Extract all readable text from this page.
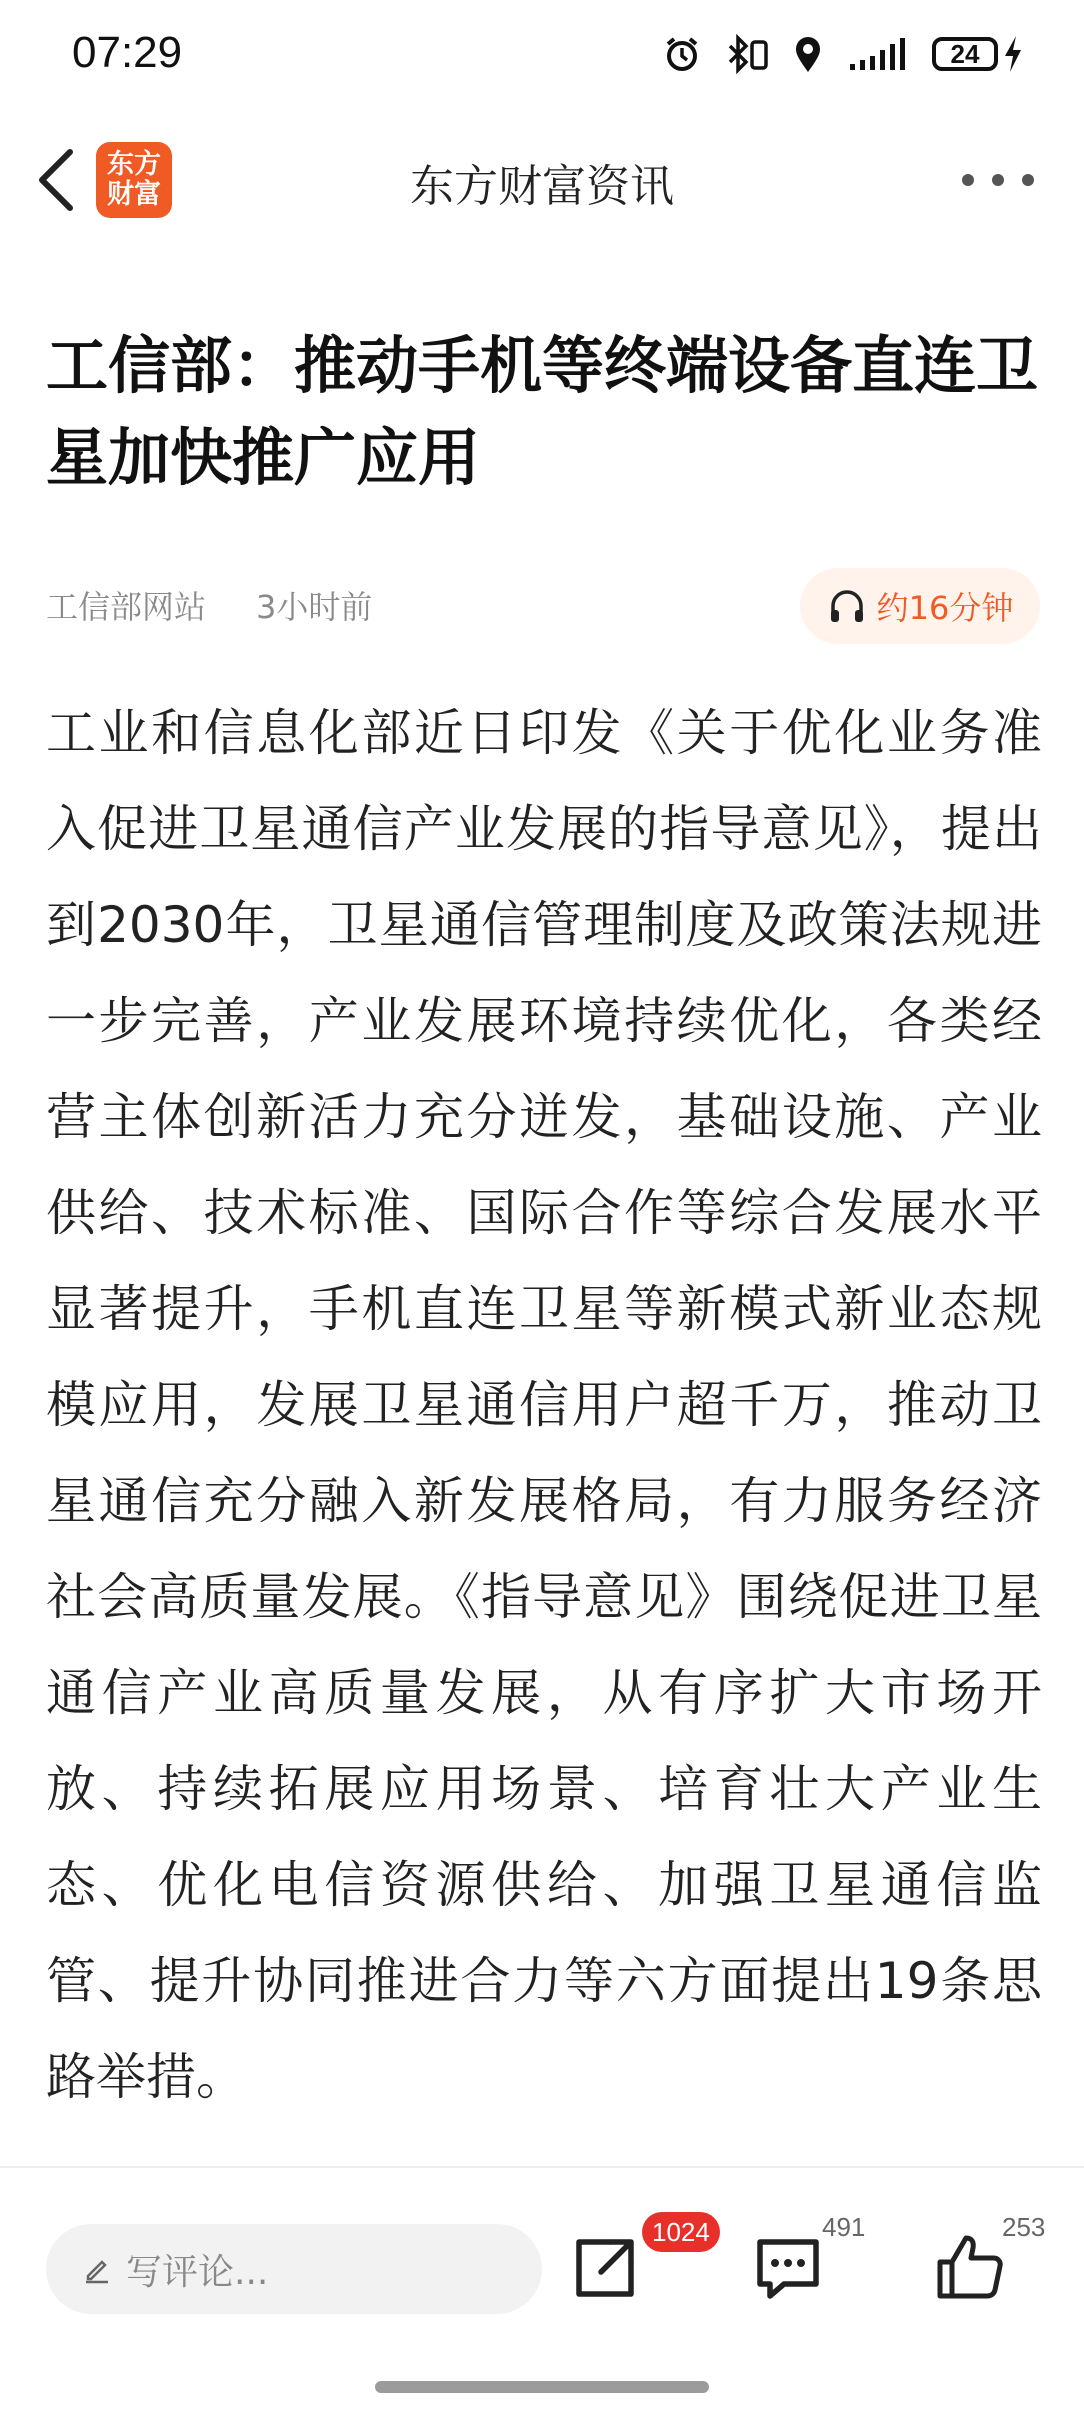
07:29	24
东方
财富	东方财富资讯
工信部：推动手机等终端设备直连卫星加快推广应用
工信部网站 3小时前	约16分钟

工业和信息化部近日印发《关于优化业务准入促进卫星通信产业发展的指导意见》，提出到2030年，卫星通信管理制度及政策法规进一步完善，产业发展环境持续优化，各类经营主体创新活力充分迸发，基础设施、产业供给、技术标准、国际合作等综合发展水平显著提升，手机直连卫星等新模式新业态规模应用，发展卫星通信用户超千万，推动卫星通信充分融入新发展格局，有力服务经济社会高质量发展。《指导意见》围绕促进卫星通信产业高质量发展，从有序扩大市场开放、持续拓展应用场景、培育壮大产业生态、优化电信资源供给、加强卫星通信监管、提升协同推进合力等六方面提出19条思路举措。

写评论...
1024	491	253
